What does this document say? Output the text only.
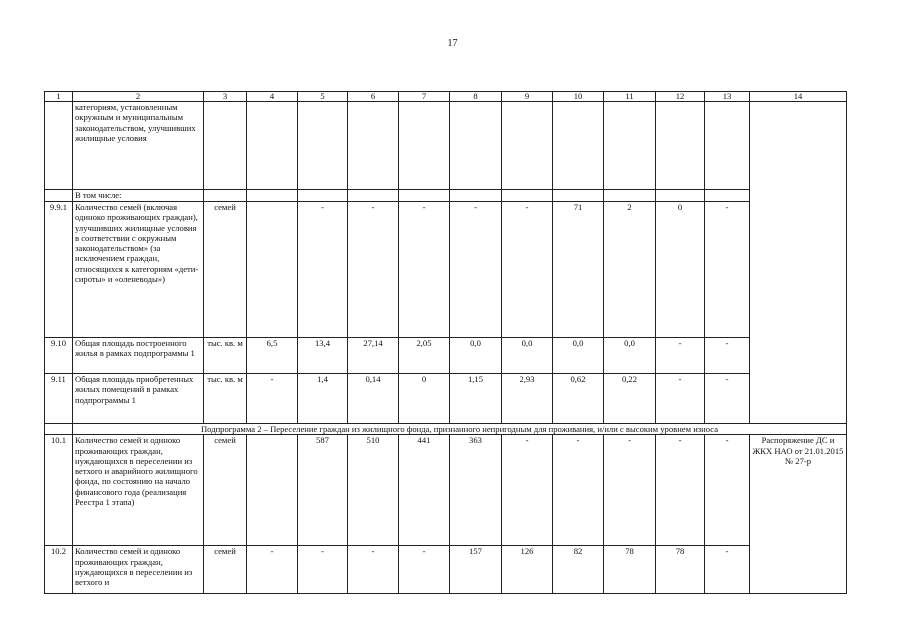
17
1	2	3	4	5	6	7	8	9	10	11	12	13	14
	категориям, установленным окружным и муниципальным законодательством, улучшивших жилищные условия												
	В том числе:												
9.9.1	Количество семей (включая одиноко проживающих граждан), улучшивших жилищные условия в соответствии с окружным законодательством» (за исключением граждан, относящихся к категориям «дети-сироты» и «оленеводы»)	семей		-	-	-	-	-	71	2	0	-	
9.10	Общая площадь построенного жилья в рамках подпрограммы 1	тыс. кв. м	6,5	13,4	27,14	2,05	0,0	0,0	0,0	0,0	-	-	
9.11	Общая площадь приобретенных жилых помещений в рамках подпрограммы 1	тыс. кв. м	-	1,4	0,14	0	1,15	2,93	0,62	0,22	-	-	
	Подпрограмма 2 – Переселение граждан из жилищного фонда, признанного непригодным для проживания, и/или с высоким уровнем износа												
10.1	Количество семей и одиноко проживающих граждан, нуждающихся в переселении из ветхого и аварийного жилищного фонда, по состоянию на начало финансового года (реализация Реестра 1 этапа)	семей		587	510	441	363	-	-	-	-	-	Распоряжение ДС и ЖКХ НАО от 21.01.2015 № 27-р
10.2	Количество семей и одиноко проживающих граждан, нуждающихся в переселении из ветхого и	семей	-	-	-	-	157	126	82	78	78	-	
